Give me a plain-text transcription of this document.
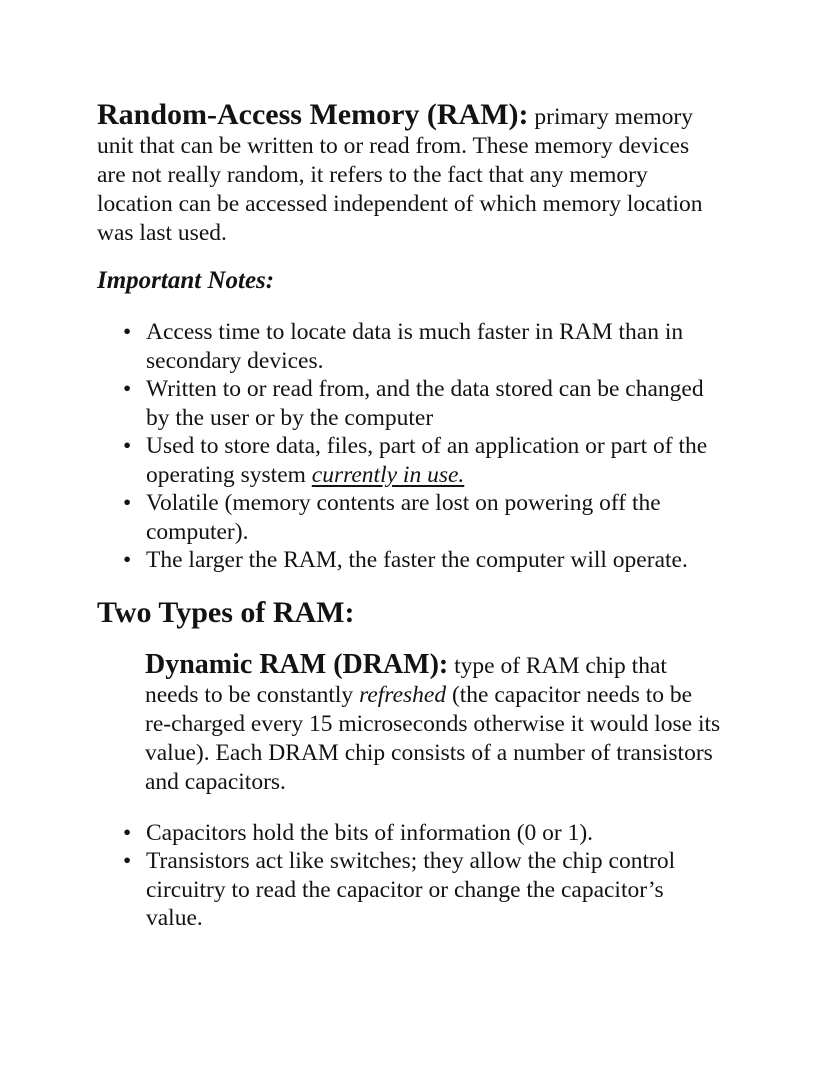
Random-Access Memory (RAM): primary memory unit that can be written to or read from. These memory devices are not really random, it refers to the fact that any memory location can be accessed independent of which memory location was last used.

Important Notes:
• Access time to locate data is much faster in RAM than in secondary devices.
• Written to or read from, and the data stored can be changed by the user or by the computer
• Used to store data, files, part of an application or part of the operating system currently in use.
• Volatile (memory contents are lost on powering off the computer).
• The larger the RAM, the faster the computer will operate.
Two Types of RAM:

Dynamic RAM (DRAM): type of RAM chip that needs to be constantly refreshed (the capacitor needs to be re-charged every 15 microseconds otherwise it would lose its value). Each DRAM chip consists of a number of transistors and capacitors.

• Capacitors hold the bits of information (0 or 1).
• Transistors act like switches; they allow the chip control circuitry to read the capacitor or change the capacitor’s value.
